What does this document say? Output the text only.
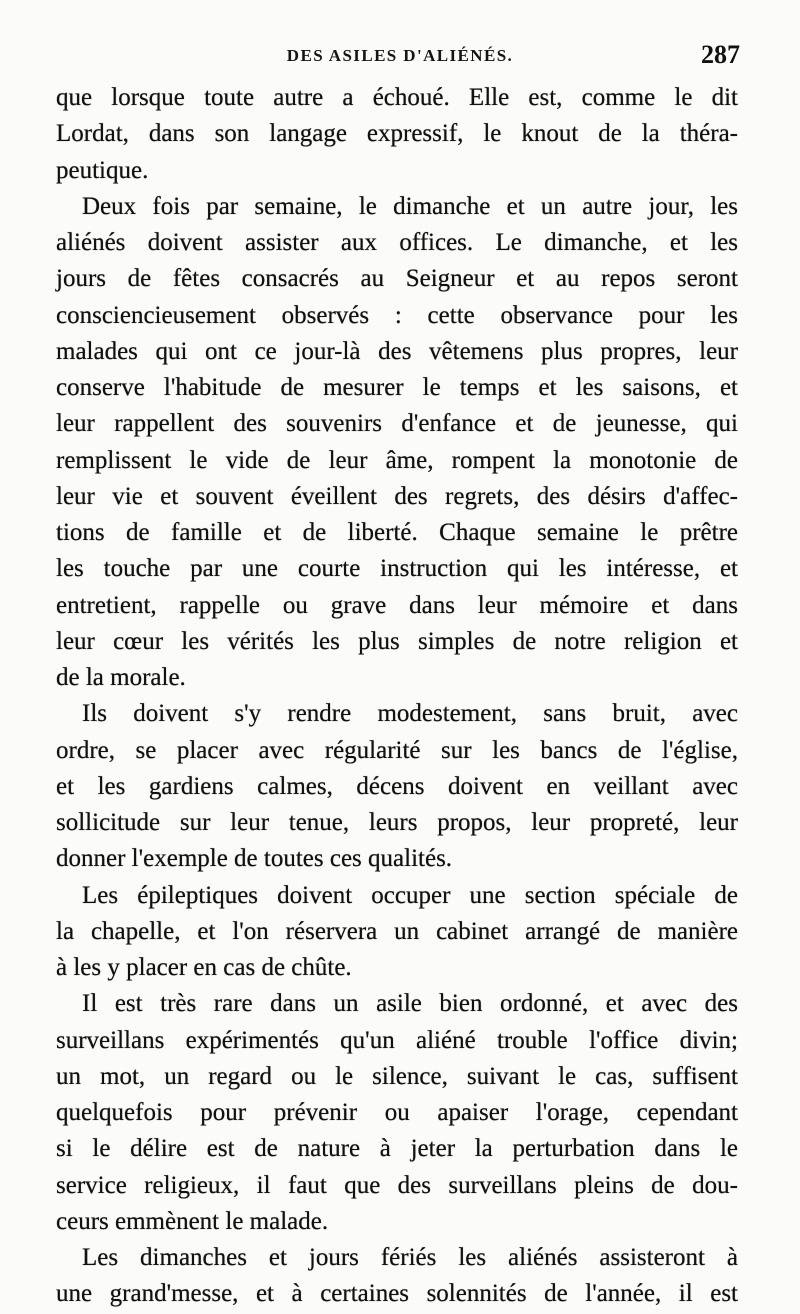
DES ASILES D'ALIÉNÉS.	287
que lorsque toute autre a échoué. Elle est, comme le dit
Lordat, dans son langage expressif, le knout de la théra-
peutique.
Deux fois par semaine, le dimanche et un autre jour, les
aliénés doivent assister aux offices. Le dimanche, et les
jours de fêtes consacrés au Seigneur et au repos seront
consciencieusement observés : cette observance pour les
malades qui ont ce jour-là des vêtemens plus propres, leur
conserve l'habitude de mesurer le temps et les saisons, et
leur rappellent des souvenirs d'enfance et de jeunesse, qui
remplissent le vide de leur âme, rompent la monotonie de
leur vie et souvent éveillent des regrets, des désirs d'affec-
tions de famille et de liberté. Chaque semaine le prêtre
les touche par une courte instruction qui les intéresse, et
entretient, rappelle ou grave dans leur mémoire et dans
leur cœur les vérités les plus simples de notre religion et
de la morale.
Ils doivent s'y rendre modestement, sans bruit, avec
ordre, se placer avec régularité sur les bancs de l'église,
et les gardiens calmes, décens doivent en veillant avec
sollicitude sur leur tenue, leurs propos, leur propreté, leur
donner l'exemple de toutes ces qualités.
Les épileptiques doivent occuper une section spéciale de
la chapelle, et l'on réservera un cabinet arrangé de manière
à les y placer en cas de chûte.
Il est très rare dans un asile bien ordonné, et avec des
surveillans expérimentés qu'un aliéné trouble l'office divin;
un mot, un regard ou le silence, suivant le cas, suffisent
quelquefois pour prévenir ou apaiser l'orage, cependant
si le délire est de nature à jeter la perturbation dans le
service religieux, il faut que des surveillans pleins de dou-
ceurs emmènent le malade.
Les dimanches et jours fériés les aliénés assisteront à
une grand'messe, et à certaines solennités de l'année, il est
